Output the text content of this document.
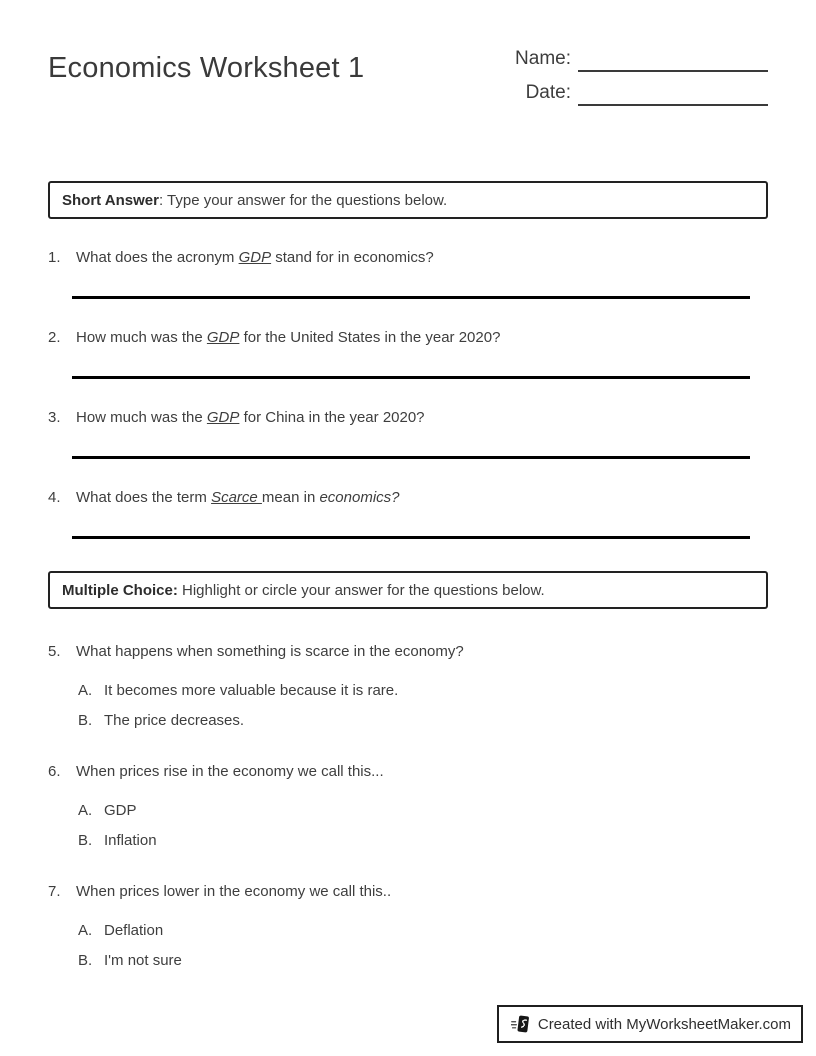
Economics Worksheet 1	Name:
Date:
Short Answer : Type your answer for the questions below.
1.	What does the acronym GDP stand for in economics?
2.	How much was the GDP for the United States in the year 2020?
3.	How much was the GDP for China in the year 2020?
4.	What does the term Scarce mean in economics?
Multiple Choice: Highlight or circle your answer for the questions below.
5.	What happens when something is scarce in the economy?
A. It becomes more valuable because it is rare.
B. The price decreases.
6.	When prices rise in the economy we call this...
A. GDP
B. Inflation
7.	When prices lower in the economy we call this..
A. Deflation
B. I'm not sure
Created with MyWorksheetMaker.com
